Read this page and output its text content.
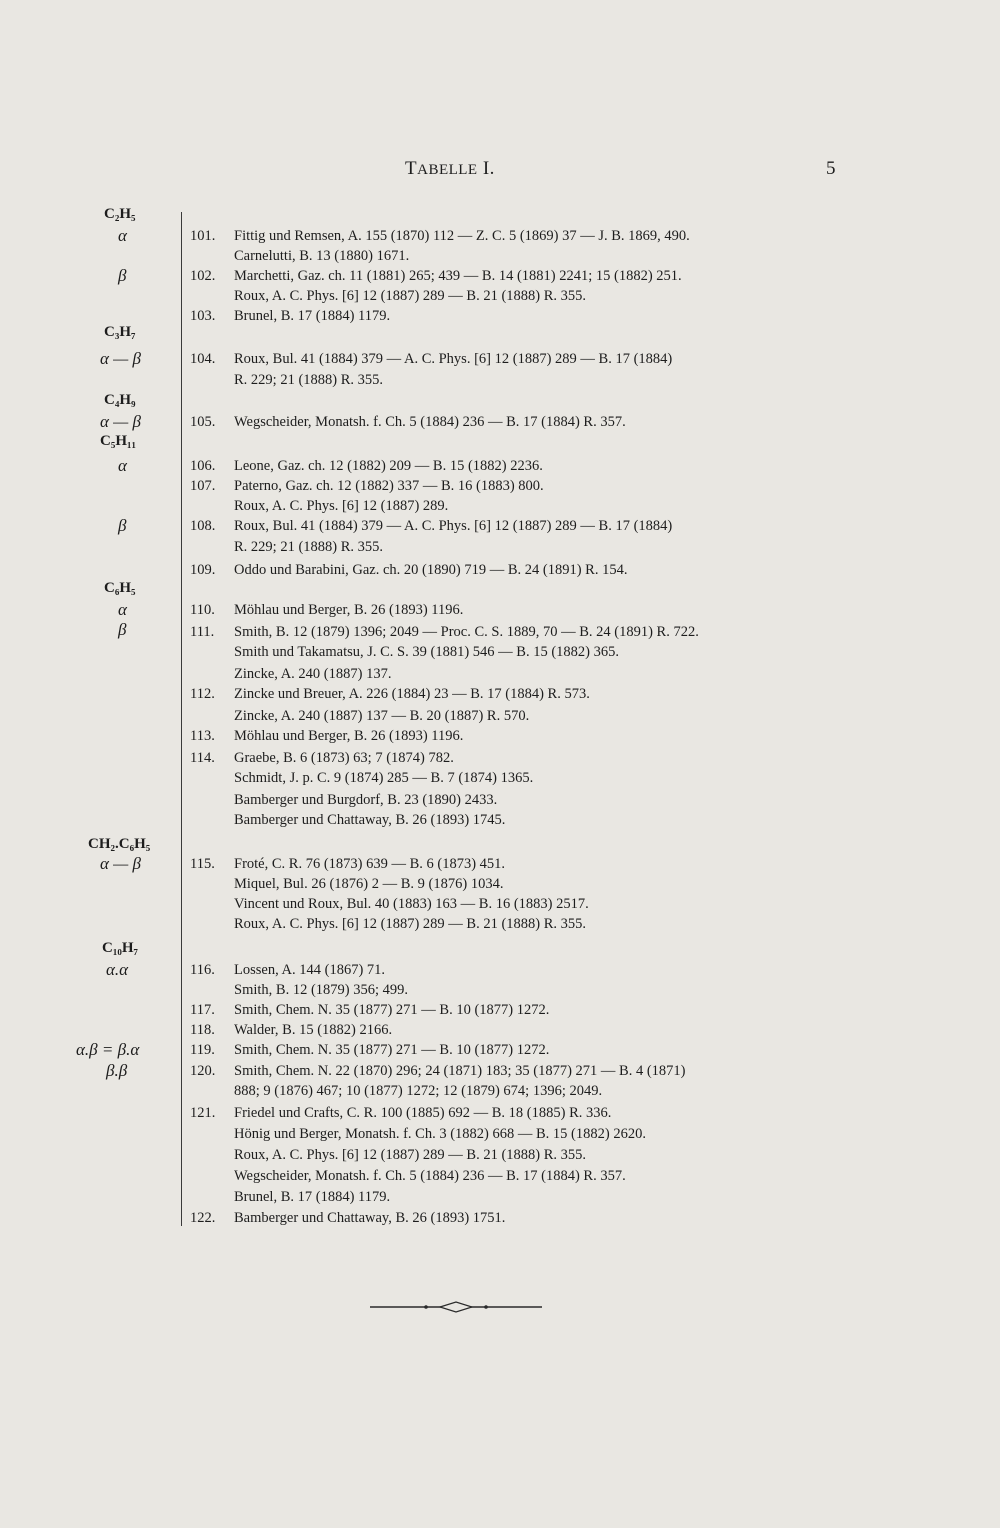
TABELLE I.	5
C₂H₅
α
β
C₃H₇
α — β
C₄H₉
α — β
C₅H₁₁
α
β
C₆H₅
α
β
CH₂.C₆H₅
α — β
C₁₀H₇
α.α
α.β = β.α
β.β
101. Fittig und Remsen, A. 155 (1870) 112 — Z. C. 5 (1869) 37 — J. B. 1869, 490.
Carnelutti, B. 13 (1880) 1671.
102. Marchetti, Gaz. ch. 11 (1881) 265; 439 — B. 14 (1881) 2241; 15 (1882) 251.
Roux, A. C. Phys. [6] 12 (1887) 289 — B. 21 (1888) R. 355.
103. Brunel, B. 17 (1884) 1179.
104. Roux, Bul. 41 (1884) 379 — A. C. Phys. [6] 12 (1887) 289 — B. 17 (1884)
R. 229; 21 (1888) R. 355.
105. Wegscheider, Monatsh. f. Ch. 5 (1884) 236 — B. 17 (1884) R. 357.
106. Leone, Gaz. ch. 12 (1882) 209 — B. 15 (1882) 2236.
107. Paterno, Gaz. ch. 12 (1882) 337 — B. 16 (1883) 800.
Roux, A. C. Phys. [6] 12 (1887) 289.
108. Roux, Bul. 41 (1884) 379 — A. C. Phys. [6] 12 (1887) 289 — B. 17 (1884)
R. 229; 21 (1888) R. 355.
109. Oddo und Barabini, Gaz. ch. 20 (1890) 719 — B. 24 (1891) R. 154.
110. Möhlau und Berger, B. 26 (1893) 1196.
111. Smith, B. 12 (1879) 1396; 2049 — Proc. C. S. 1889, 70 — B. 24 (1891) R. 722.
Smith und Takamatsu, J. C. S. 39 (1881) 546 — B. 15 (1882) 365.
Zincke, A. 240 (1887) 137.
112. Zincke und Breuer, A. 226 (1884) 23 — B. 17 (1884) R. 573.
Zincke, A. 240 (1887) 137 — B. 20 (1887) R. 570.
113. Möhlau und Berger, B. 26 (1893) 1196.
114. Graebe, B. 6 (1873) 63; 7 (1874) 782.
Schmidt, J. p. C. 9 (1874) 285 — B. 7 (1874) 1365.
Bamberger und Burgdorf, B. 23 (1890) 2433.
Bamberger und Chattaway, B. 26 (1893) 1745.
115. Froté, C. R. 76 (1873) 639 — B. 6 (1873) 451.
Miquel, Bul. 26 (1876) 2 — B. 9 (1876) 1034.
Vincent und Roux, Bul. 40 (1883) 163 — B. 16 (1883) 2517.
Roux, A. C. Phys. [6] 12 (1887) 289 — B. 21 (1888) R. 355.
116. Lossen, A. 144 (1867) 71.
Smith, B. 12 (1879) 356; 499.
117. Smith, Chem. N. 35 (1877) 271 — B. 10 (1877) 1272.
118. Walder, B. 15 (1882) 2166.
119. Smith, Chem. N. 35 (1877) 271 — B. 10 (1877) 1272.
120. Smith, Chem. N. 22 (1870) 296; 24 (1871) 183; 35 (1877) 271 — B. 4 (1871)
888; 9 (1876) 467; 10 (1877) 1272; 12 (1879) 674; 1396; 2049.
121. Friedel und Crafts, C. R. 100 (1885) 692 — B. 18 (1885) R. 336.
Hönig und Berger, Monatsh. f. Ch. 3 (1882) 668 — B. 15 (1882) 2620.
Roux, A. C. Phys. [6] 12 (1887) 289 — B. 21 (1888) R. 355.
Wegscheider, Monatsh. f. Ch. 5 (1884) 236 — B. 17 (1884) R. 357.
Brunel, B. 17 (1884) 1179.
122. Bamberger und Chattaway, B. 26 (1893) 1751.
